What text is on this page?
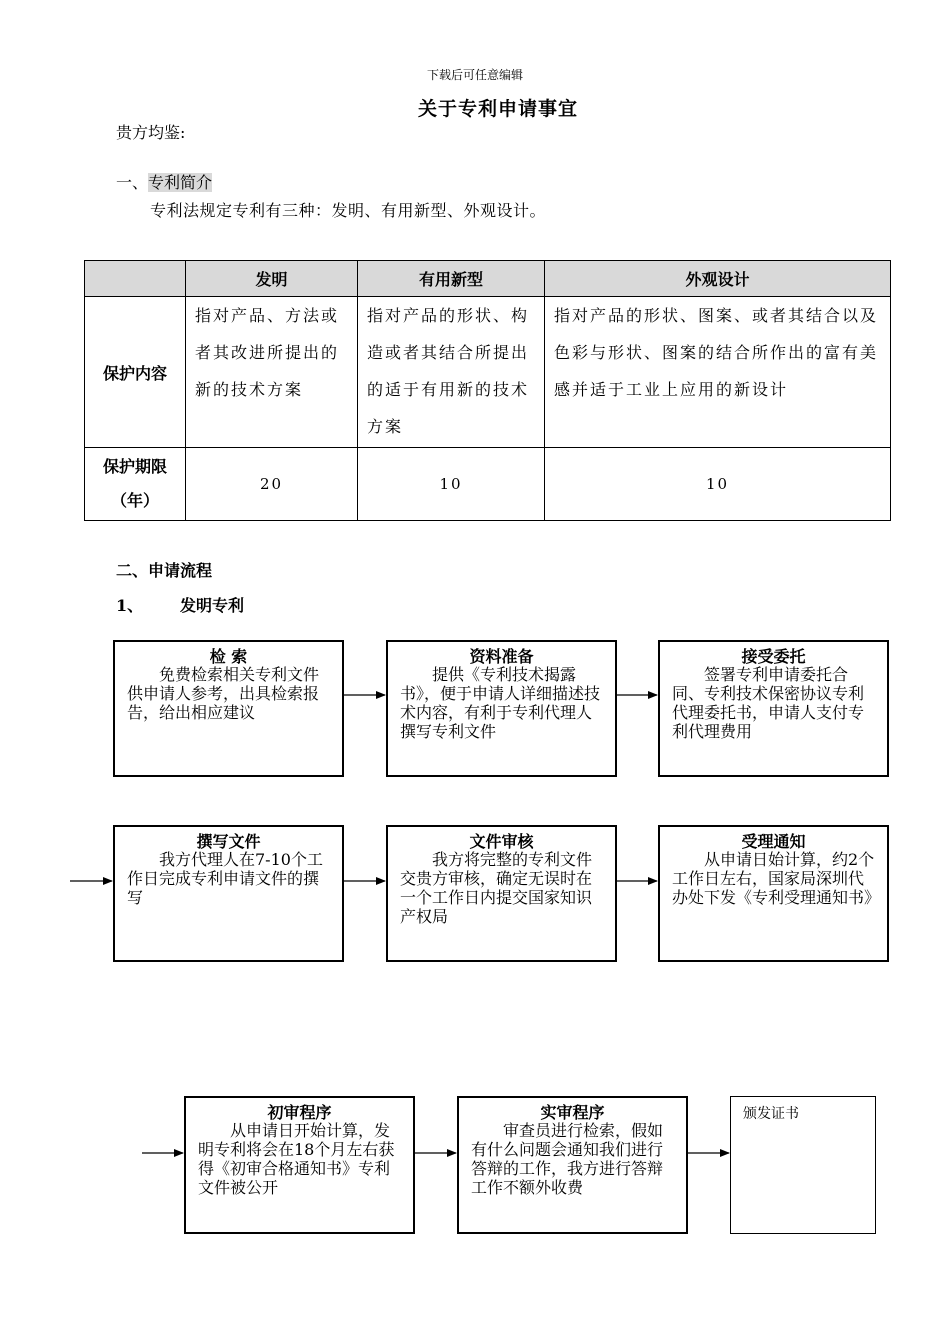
下载后可任意编辑
关于专利申请事宜
贵方均鉴:
一、专利简介
专利法规定专利有三种：发明、有用新型、外观设计。
	发明	有用新型	外观设计
保护内容	指对产品、方法或者其改进所提出的新的技术方案	指对产品的形状、构造或者其结合所提出的适于有用新的技术方案	指对产品的形状、图案、或者其结合以及色彩与形状、图案的结合所作出的富有美感并适于工业上应用的新设计
保护期限
（年）	20	10	10
二、申请流程
1、 发明专利
检 索
免费检索相关专利文件供申请人参考，出具检索报告，给出相应建议
资料准备
提供《专利技术揭露书》，便于申请人详细描述技术内容，有利于专利代理人撰写专利文件
接受委托
签署专利申请委托合同、专利技术保密协议专利代理委托书，申请人支付专利代理费用
撰写文件
我方代理人在7-10个工作日完成专利申请文件的撰写
文件审核
我方将完整的专利文件交贵方审核，确定无误时在一个工作日内提交国家知识产权局
受理通知
从申请日始计算，约2个工作日左右，国家局深圳代办处下发《专利受理通知书》
初审程序
从申请日开始计算，发明专利将会在18个月左右获得《初审合格通知书》专利文件被公开
实审程序
审查员进行检索，假如有什么问题会通知我们进行答辩的工作，我方进行答辩工作不额外收费
颁发证书
